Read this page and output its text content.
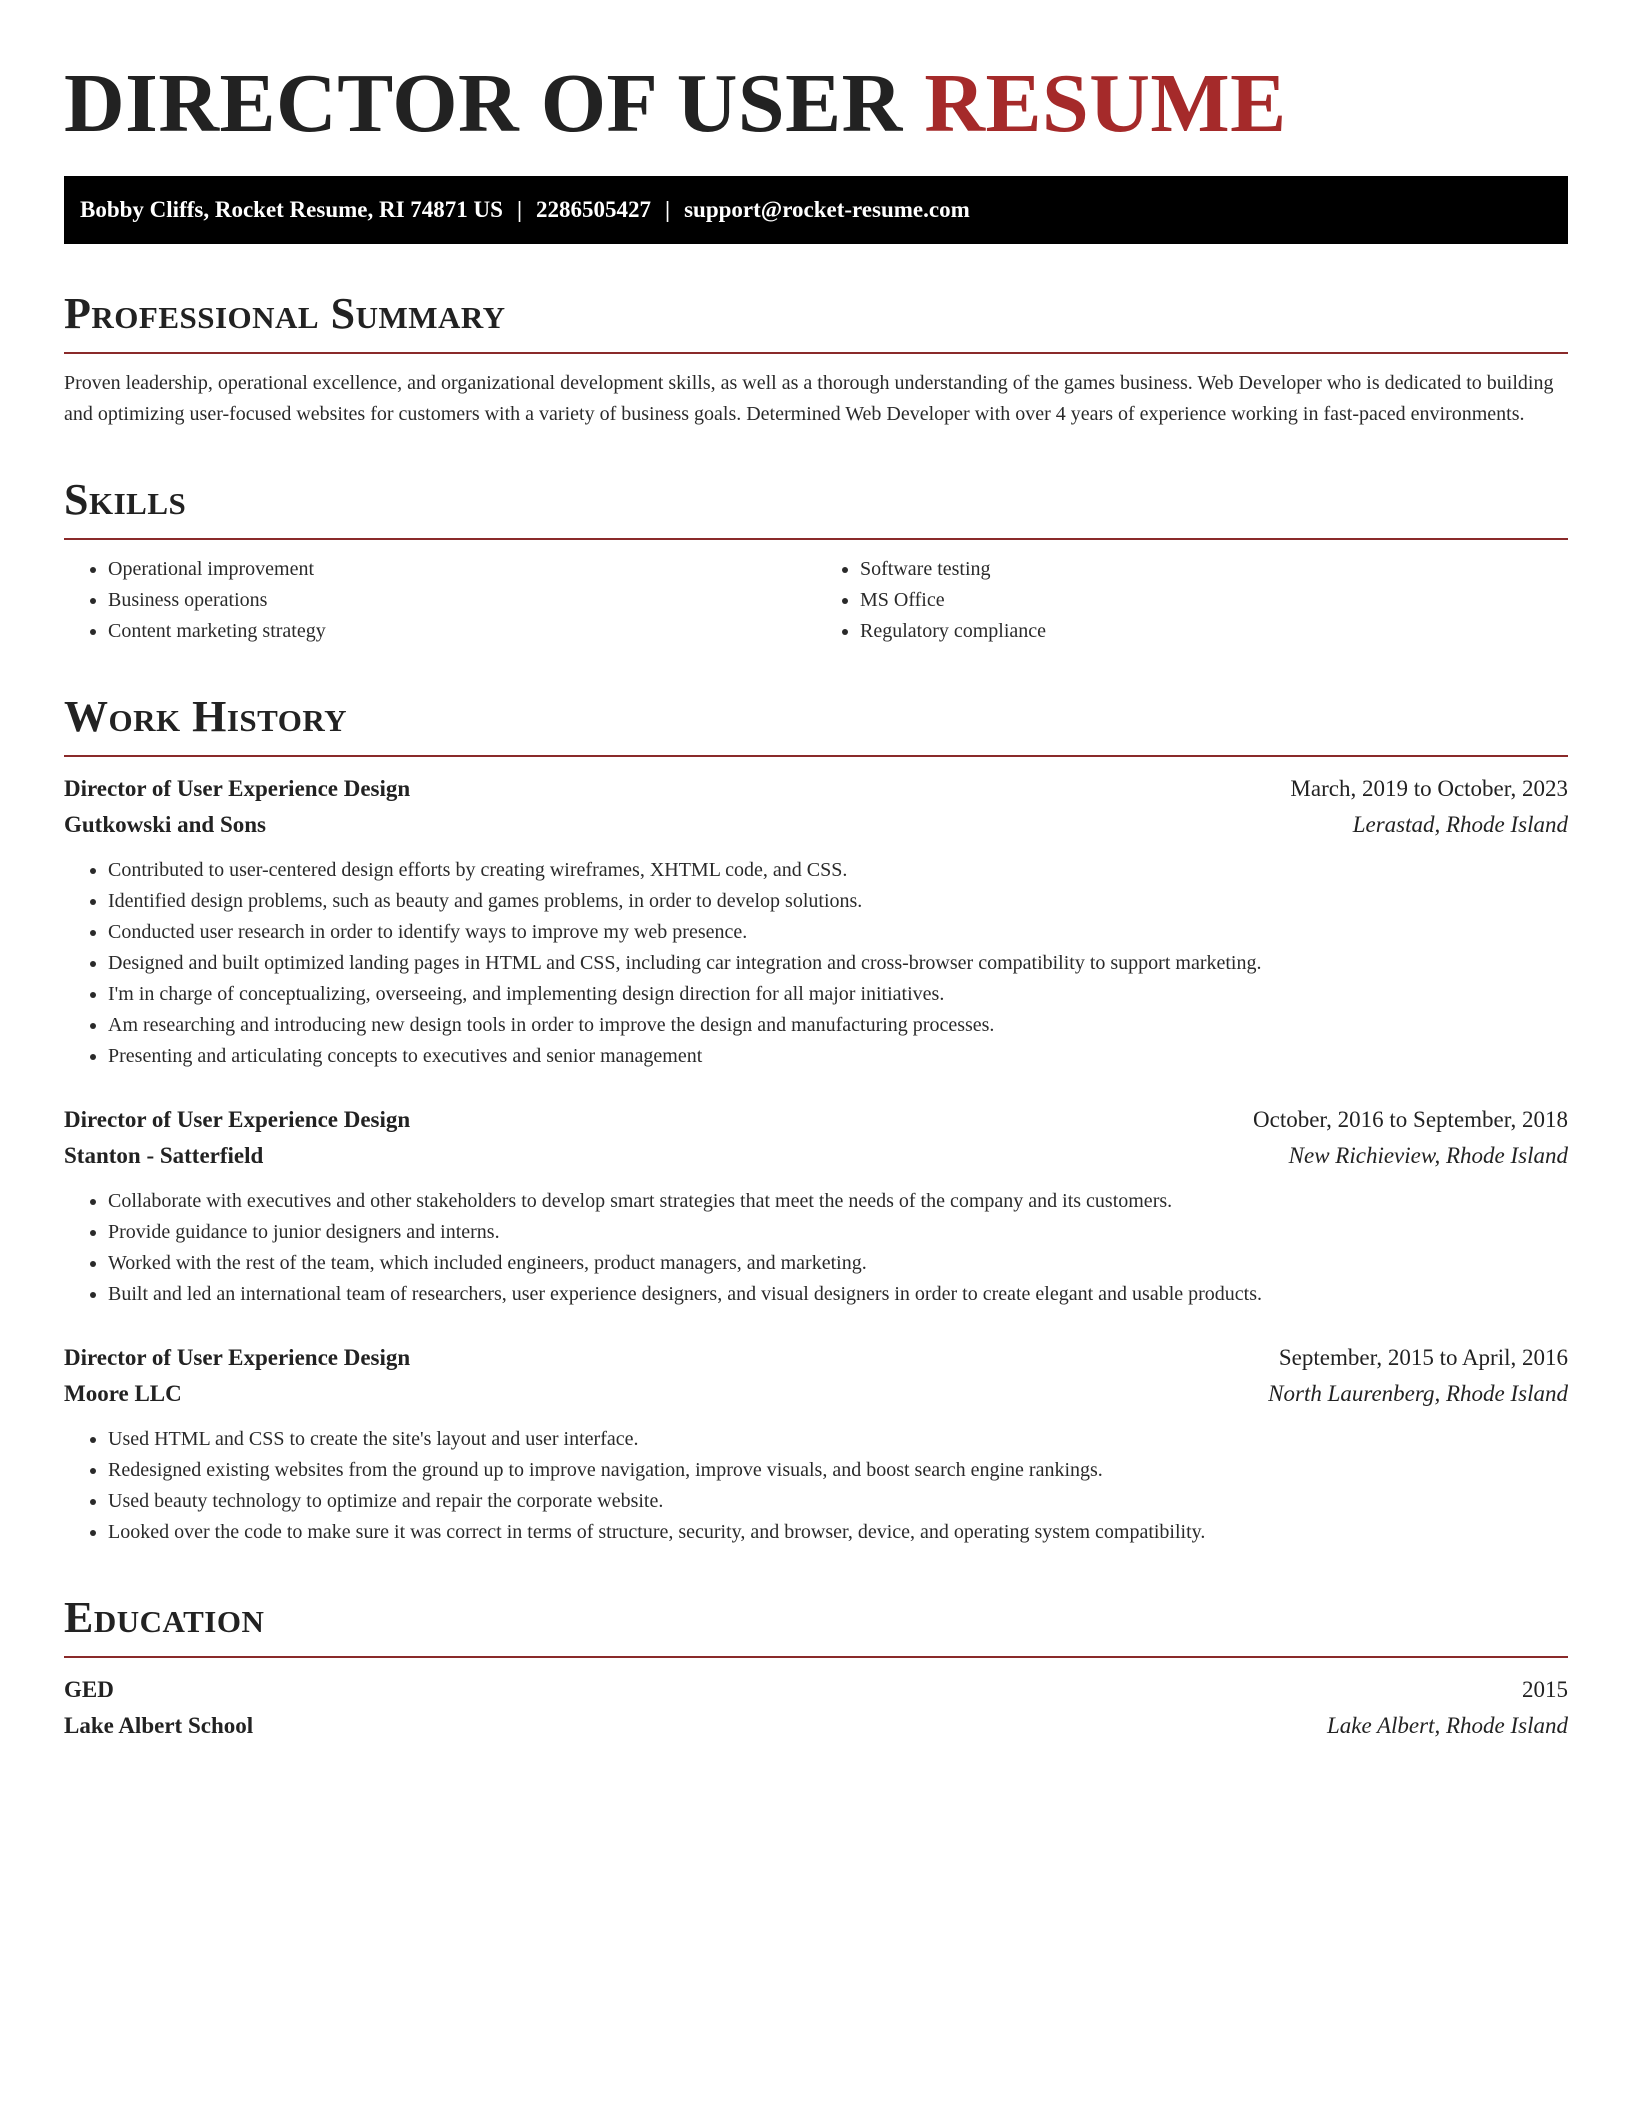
DIRECTOR OF USER RESUME
Bobby Cliffs, Rocket Resume, RI 74871 US | 2286505427 | support@rocket-resume.com
Professional Summary

Proven leadership, operational excellence, and organizational development skills, as well as a thorough understanding of the games business. Web Developer who is dedicated to building and optimizing user-focused websites for customers with a variety of business goals. Determined Web Developer with over 4 years of experience working in fast-paced environments.

Skills
• Operational improvement
• Business operations
• Content marketing strategy
• Software testing
• MS Office
• Regulatory compliance
Work History
Director of User Experience Design	March, 2019 to October, 2023
Gutkowski and Sons	Lerastad, Rhode Island
• Contributed to user-centered design efforts by creating wireframes, XHTML code, and CSS.
• Identified design problems, such as beauty and games problems, in order to develop solutions.
• Conducted user research in order to identify ways to improve my web presence.
• Designed and built optimized landing pages in HTML and CSS, including car integration and cross-browser compatibility to support marketing.
• I'm in charge of conceptualizing, overseeing, and implementing design direction for all major initiatives.
• Am researching and introducing new design tools in order to improve the design and manufacturing processes.
• Presenting and articulating concepts to executives and senior management
Director of User Experience Design	October, 2016 to September, 2018
Stanton - Satterfield	New Richieview, Rhode Island
• Collaborate with executives and other stakeholders to develop smart strategies that meet the needs of the company and its customers.
• Provide guidance to junior designers and interns.
• Worked with the rest of the team, which included engineers, product managers, and marketing.
• Built and led an international team of researchers, user experience designers, and visual designers in order to create elegant and usable products.
Director of User Experience Design	September, 2015 to April, 2016
Moore LLC	North Laurenberg, Rhode Island
• Used HTML and CSS to create the site's layout and user interface.
• Redesigned existing websites from the ground up to improve navigation, improve visuals, and boost search engine rankings.
• Used beauty technology to optimize and repair the corporate website.
• Looked over the code to make sure it was correct in terms of structure, security, and browser, device, and operating system compatibility.
Education
GED	2015
Lake Albert School	Lake Albert, Rhode Island
